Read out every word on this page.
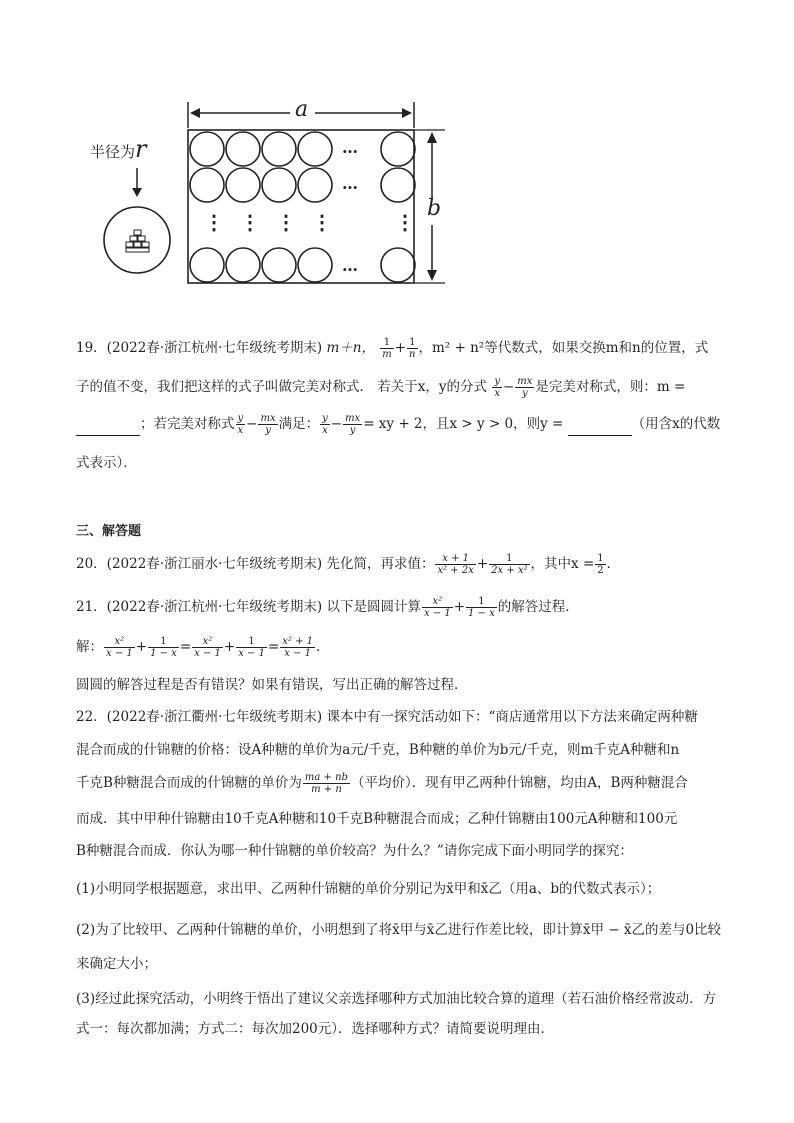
半径为r
a
b
…
…
…
⋮ ⋮ ⋮ ⋮	⋮
19．(2022春·浙江杭州·七年级统考期末) m＋n， $\frac{1}{m} + \frac{1}{n}$ ，m² + n²等代数式，如果交换m和n的位置，式
子的值不变，我们把这样的式子叫做完美对称式． 若关于x，y的分式 $\frac{y}{x} - \frac{mx}{y}$ 是完美对称式，则：m =
；若完美对称式 $\frac{y}{x} - \frac{mx}{y}$ 满足： $\frac{y}{x} - \frac{mx}{y}$ = xy + 2，且x > y > 0，则y =	（用含x的代数
式表示）．
三、解答题
20．(2022春·浙江丽水·七年级统考期末) 先化简，再求值： $\frac{x + 1}{\text{x² + 2x}} + \frac{1}{\text{2x + x²}}$ ，其中$x = \frac{1}{2}$ ．
21．(2022春·浙江杭州·七年级统考期末) 以下是圆圆计算 $\frac{\text{x²}}{x - 1} + \frac{1}{1 - x}$ 的解答过程．
解： $\frac{\text{x²}}{x - 1} + \frac{1}{1 - x} = \frac{\text{x²}}{x - 1} + \frac{1}{x - 1} = \frac{\text{x² + 1}}{x - 1}$ ．
圆圆的解答过程是否有错误？如果有错误，写出正确的解答过程．
22．(2022春·浙江衢州·七年级统考期末) 课本中有一探究活动如下：“商店通常用以下方法来确定两种糖
混合而成的什锦糖的价格：设A种糖的单价为a元/千克，B种糖的单价为b元/千克，则m千克A种糖和n
千克B种糖混合而成的什锦糖的单价为 $\frac{ma + nb}{m + n}$ （平均价）．现有甲乙两种什锦糖，均由A，B两种糖混合
而成．其中甲种什锦糖由10千克A种糖和10千克B种糖混合而成；乙种什锦糖由100元A种糖和100元
B种糖混合而成．你认为哪一种什锦糖的单价较高？为什么？”请你完成下面小明同学的探究：
(1)小明同学根据题意，求出甲、乙两种什锦糖的单价分别记为x̄甲和x̄乙（用a、b的代数式表示）；
(2)为了比较甲、乙两种什锦糖的单价，小明想到了将x̄甲与x̄乙进行作差比较，即计算x̄甲 − x̄乙的差与0比较
来确定大小；
(3)经过此探究活动，小明终于悟出了建议父亲选择哪种方式加油比较合算的道理（若石油价格经常波动．方
式一：每次都加满；方式二：每次加200元）．选择哪种方式？请简要说明理由．
